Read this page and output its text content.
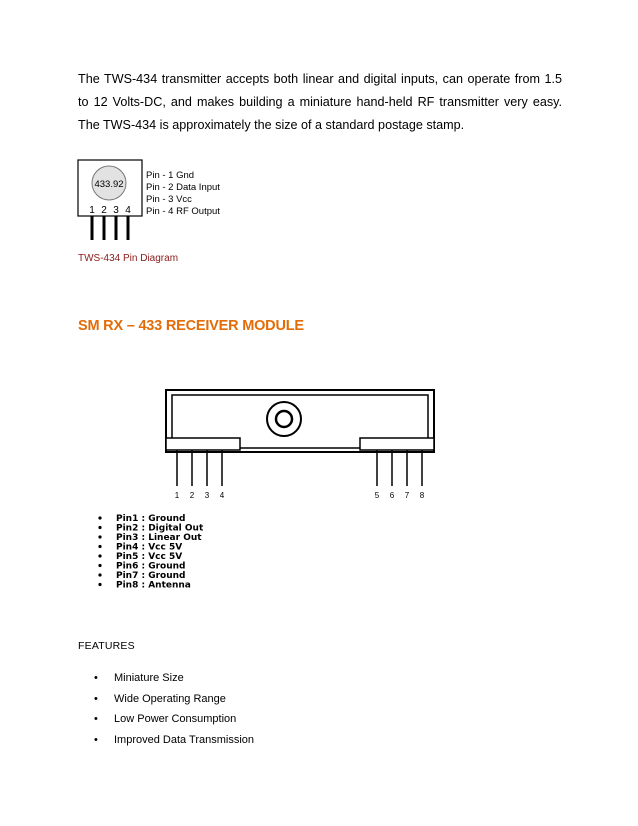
The TWS-434 transmitter accepts both linear and digital inputs, can operate from 1.5 to 12 Volts-DC, and makes building a miniature hand-held RF transmitter very easy. The TWS-434 is approximately the size of a standard postage stamp.

433.92
1 2 3 4
Pin - 1 Gnd
Pin - 2 Data Input
Pin - 3 Vcc
Pin - 4 RF Output

TWS-434 Pin Diagram

SM RX – 433 RECEIVER MODULE
1 2 3 4	5 6 7 8
Pin1 : Ground
Pin2 : Digital Out
Pin3 : Linear Out
Pin4 : Vcc 5V
Pin5 : Vcc 5V
Pin6 : Ground
Pin7 : Ground
Pin8 : Antenna

FEATURES

• Miniature Size
• Wide Operating Range
• Low Power Consumption
• Improved Data Transmission
